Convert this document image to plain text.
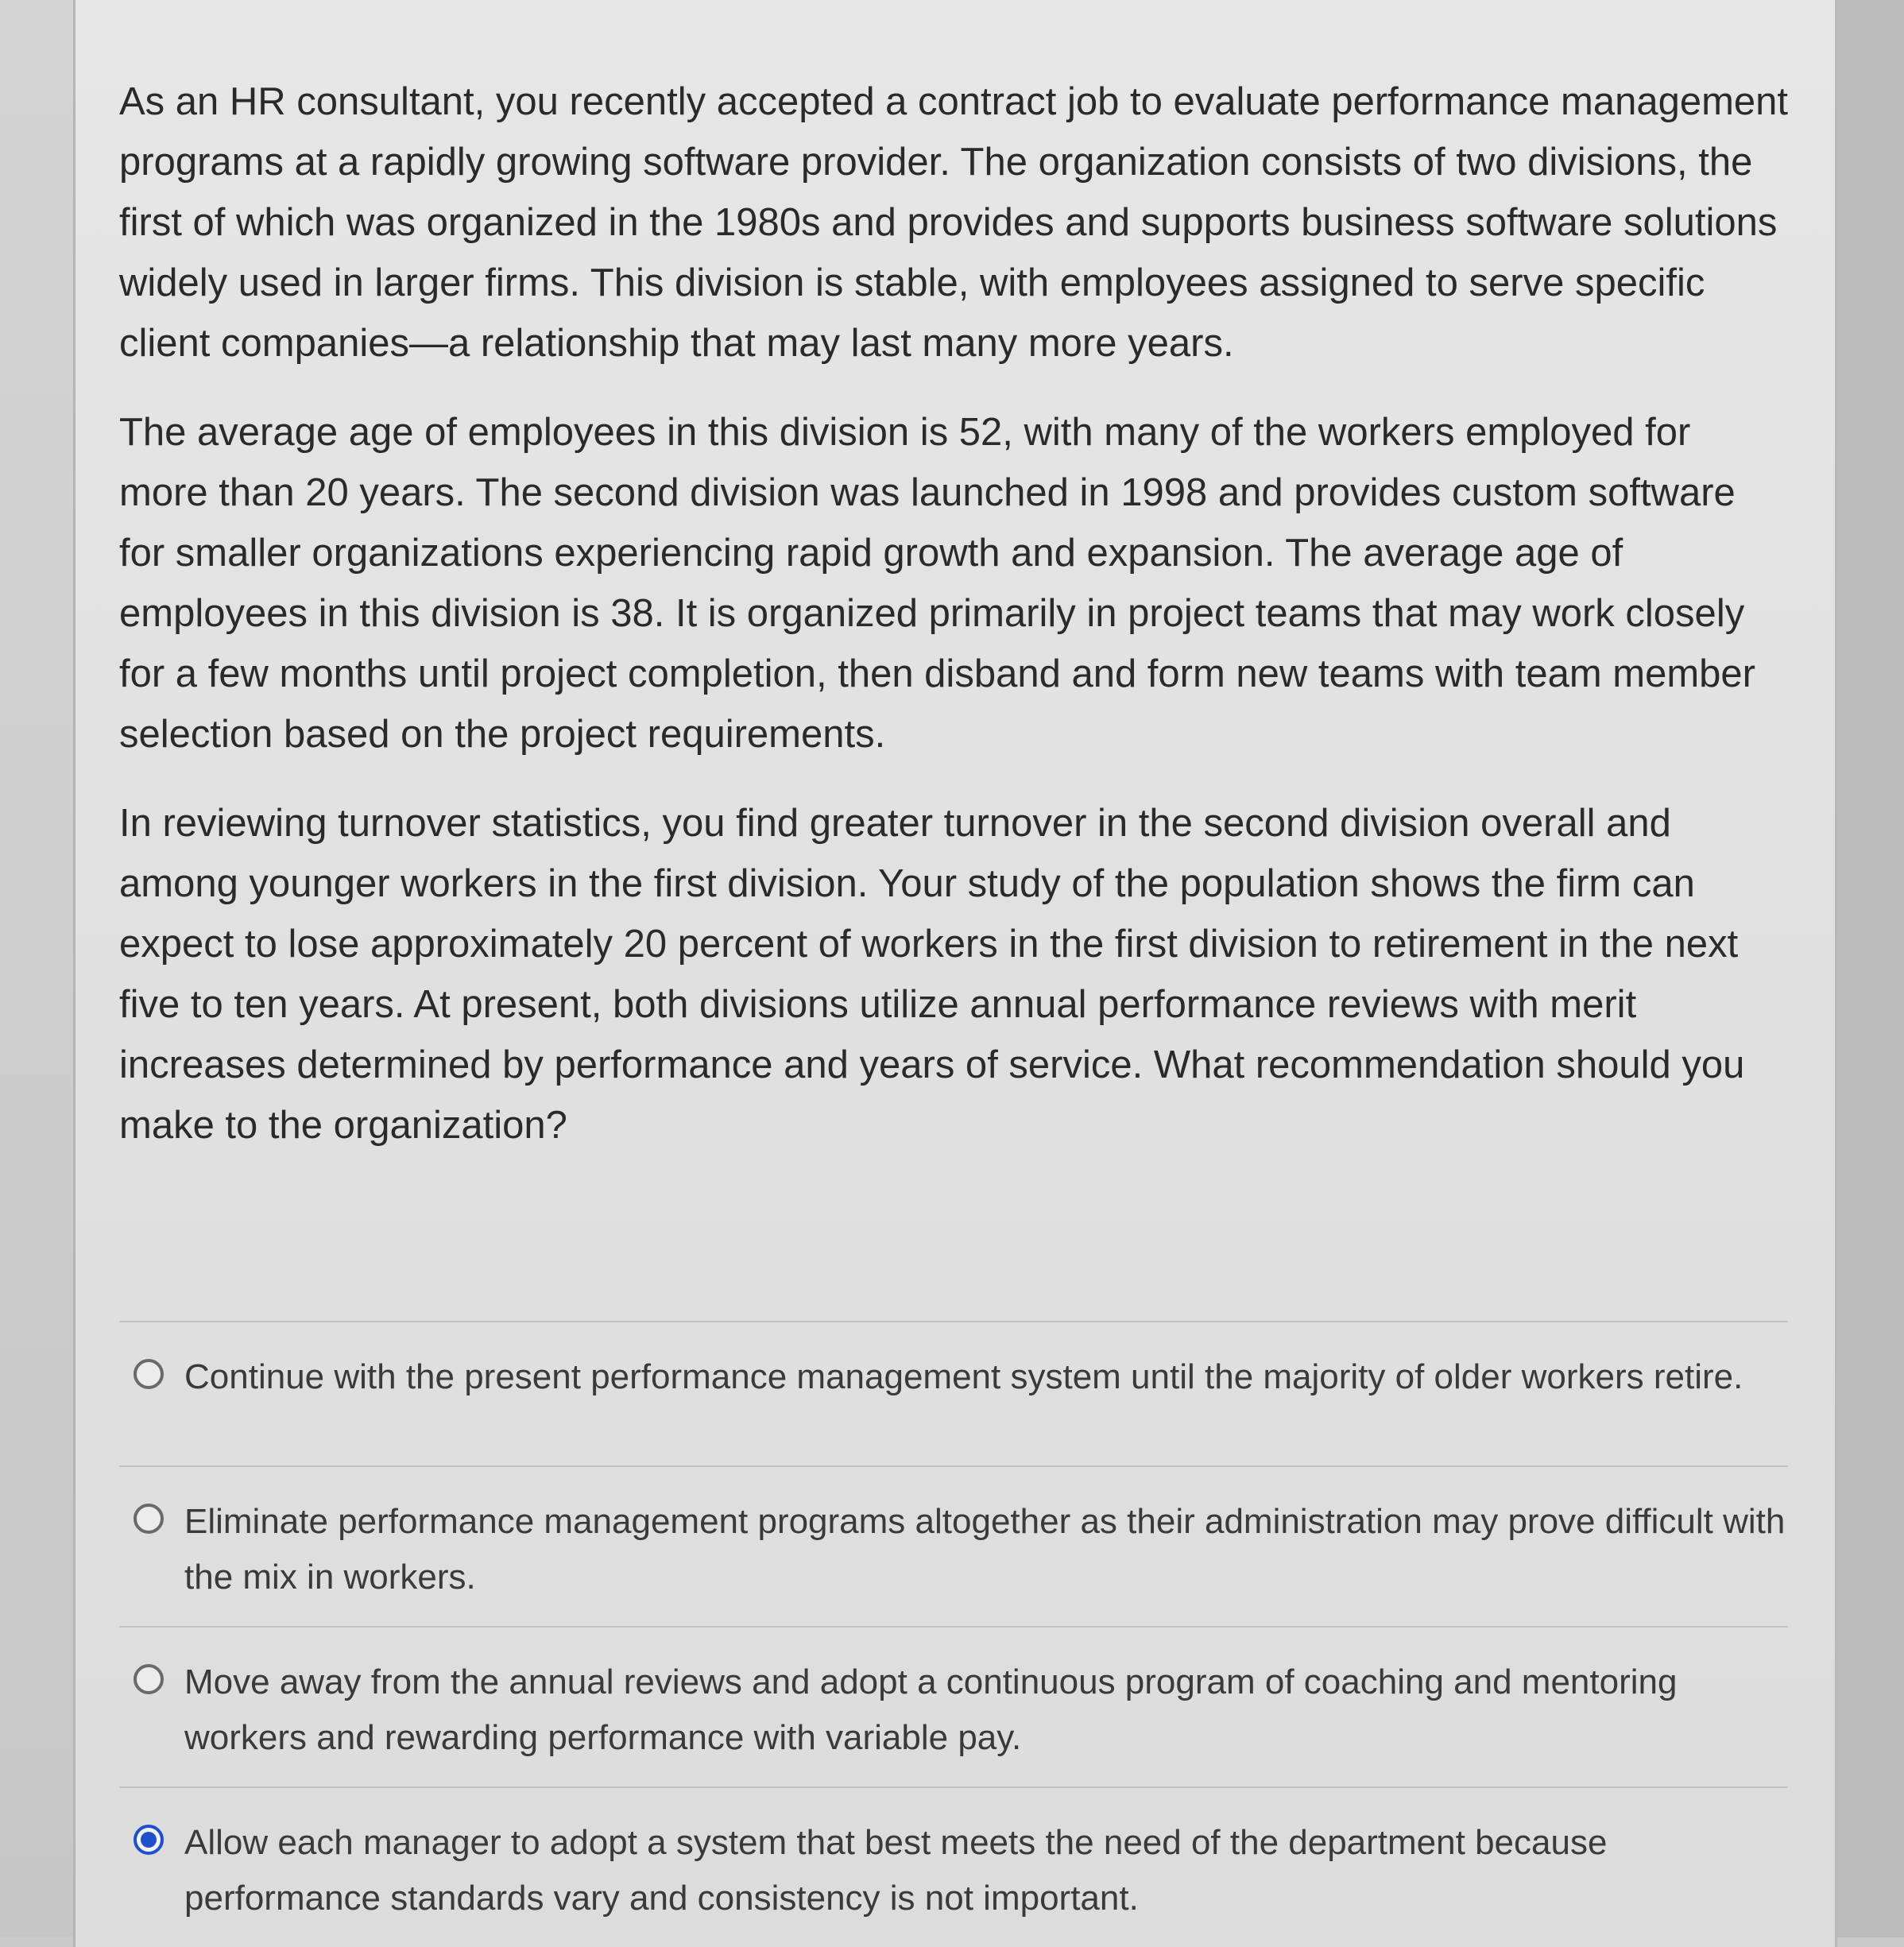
As an HR consultant, you recently accepted a contract job to evaluate performance management programs at a rapidly growing software provider. The organization consists of two divisions, the first of which was organized in the 1980s and provides and supports business software solutions widely used in larger firms. This division is stable, with employees assigned to serve specific client companies—a relationship that may last many more years.

The average age of employees in this division is 52, with many of the workers employed for more than 20 years. The second division was launched in 1998 and provides custom software for smaller organizations experiencing rapid growth and expansion. The average age of employees in this division is 38. It is organized primarily in project teams that may work closely for a few months until project completion, then disband and form new teams with team member selection based on the project requirements.

In reviewing turnover statistics, you find greater turnover in the second division overall and among younger workers in the first division. Your study of the population shows the firm can expect to lose approximately 20 percent of workers in the first division to retirement in the next five to ten years. At present, both divisions utilize annual performance reviews with merit increases determined by performance and years of service. What recommendation should you make to the organization?

Continue with the present performance management system until the majority of older workers retire.
Eliminate performance management programs altogether as their administration may prove difficult with the mix in workers.
Move away from the annual reviews and adopt a continuous program of coaching and mentoring workers and rewarding performance with variable pay.
Allow each manager to adopt a system that best meets the need of the department because performance standards vary and consistency is not important.
